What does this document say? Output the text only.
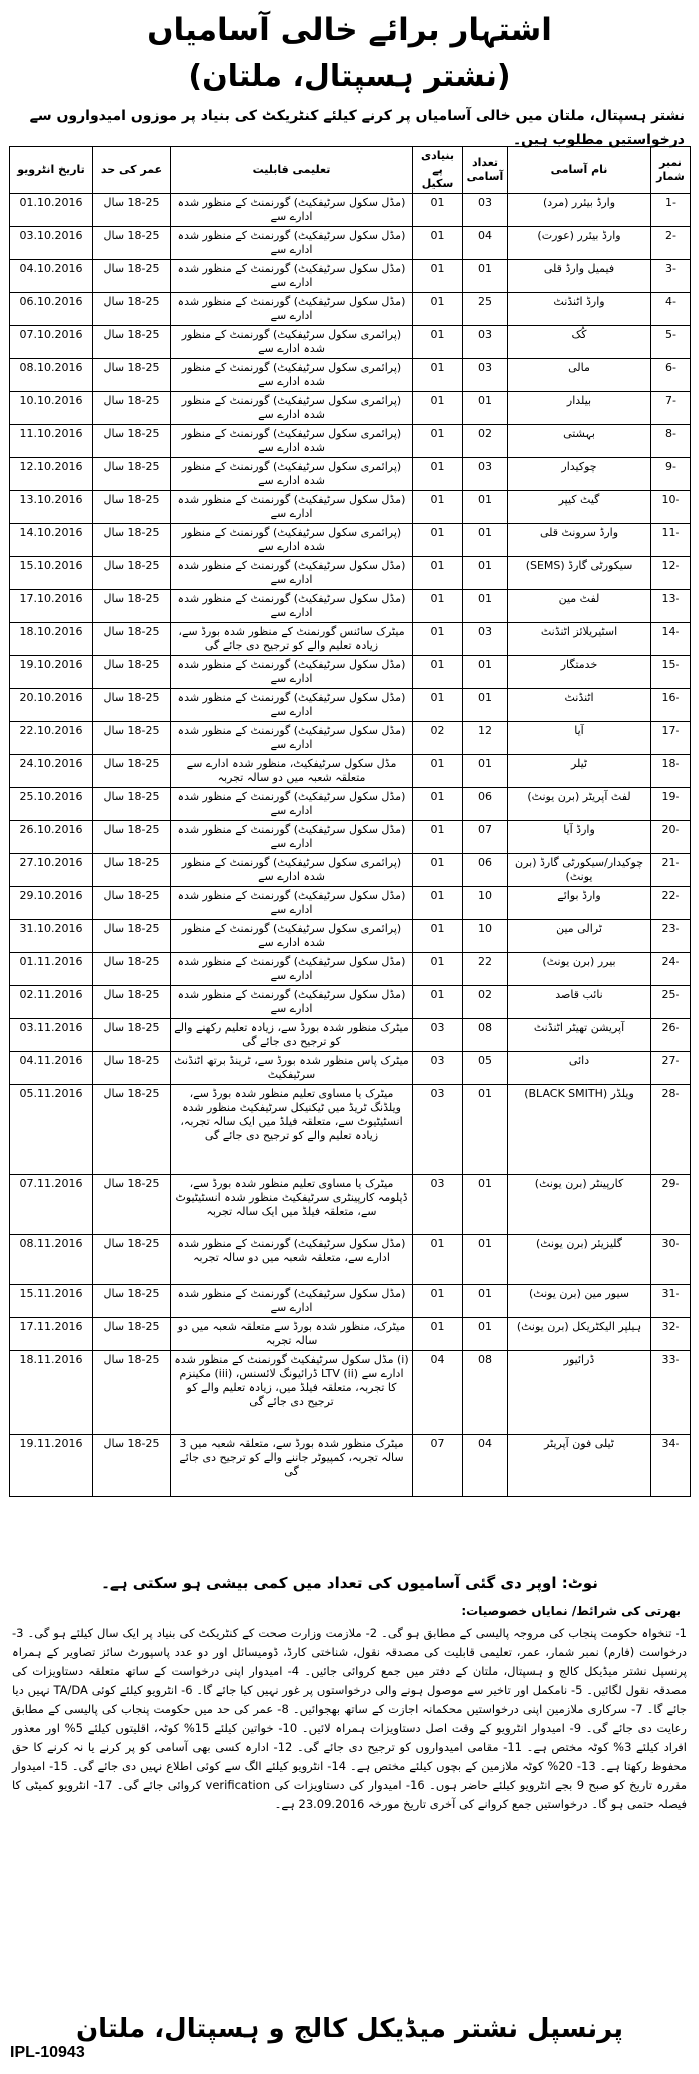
اشتہار برائے خالی آسامیاں
(نشتر ہسپتال، ملتان)
نشتر ہسپتال، ملتان میں خالی آسامیاں پر کرنے کیلئے کنٹریکٹ کی بنیاد پر موزوں امیدواروں سے درخواستیں مطلوب ہیں۔
نمبر شمار	نام آسامی	تعداد آسامی	بنیادی پے سکیل	تعلیمی قابلیت	عمر کی حد	تاریخ انٹرویو
-1	وارڈ بیئرر (مرد)	03	01	(مڈل سکول سرٹیفکیٹ) گورنمنٹ کے منظور شدہ ادارے سے	18-25 سال	01.10.2016
-2	وارڈ بیئرر (عورت)	04	01	(مڈل سکول سرٹیفکیٹ) گورنمنٹ کے منظور شدہ ادارے سے	18-25 سال	03.10.2016
-3	فیمیل وارڈ قلی	01	01	(مڈل سکول سرٹیفکیٹ) گورنمنٹ کے منظور شدہ ادارے سے	18-25 سال	04.10.2016
-4	وارڈ اٹنڈنٹ	25	01	(مڈل سکول سرٹیفکیٹ) گورنمنٹ کے منظور شدہ ادارے سے	18-25 سال	06.10.2016
-5	کُک	03	01	(پرائمری سکول سرٹیفکیٹ) گورنمنٹ کے منظور شدہ ادارے سے	18-25 سال	07.10.2016
-6	مالی	03	01	(پرائمری سکول سرٹیفکیٹ) گورنمنٹ کے منظور شدہ ادارے سے	18-25 سال	08.10.2016
-7	بیلدار	01	01	(پرائمری سکول سرٹیفکیٹ) گورنمنٹ کے منظور شدہ ادارے سے	18-25 سال	10.10.2016
-8	بہشتی	02	01	(پرائمری سکول سرٹیفکیٹ) گورنمنٹ کے منظور شدہ ادارے سے	18-25 سال	11.10.2016
-9	چوکیدار	03	01	(پرائمری سکول سرٹیفکیٹ) گورنمنٹ کے منظور شدہ ادارے سے	18-25 سال	12.10.2016
-10	گیٹ کیپر	01	01	(مڈل سکول سرٹیفکیٹ) گورنمنٹ کے منظور شدہ ادارے سے	18-25 سال	13.10.2016
-11	وارڈ سرونٹ قلی	01	01	(پرائمری سکول سرٹیفکیٹ) گورنمنٹ کے منظور شدہ ادارے سے	18-25 سال	14.10.2016
-12	سیکورٹی گارڈ (SEMS)	01	01	(مڈل سکول سرٹیفکیٹ) گورنمنٹ کے منظور شدہ ادارے سے	18-25 سال	15.10.2016
-13	لفٹ مین	01	01	(مڈل سکول سرٹیفکیٹ) گورنمنٹ کے منظور شدہ ادارے سے	18-25 سال	17.10.2016
-14	اسٹیریلائز اٹنڈنٹ	03	01	میٹرک سائنس گورنمنٹ کے منظور شدہ بورڈ سے، زیادہ تعلیم والے کو ترجیح دی جائے گی	18-25 سال	18.10.2016
-15	خدمتگار	01	01	(مڈل سکول سرٹیفکیٹ) گورنمنٹ کے منظور شدہ ادارے سے	18-25 سال	19.10.2016
-16	اٹنڈنٹ	01	01	(مڈل سکول سرٹیفکیٹ) گورنمنٹ کے منظور شدہ ادارے سے	18-25 سال	20.10.2016
-17	آیا	12	02	(مڈل سکول سرٹیفکیٹ) گورنمنٹ کے منظور شدہ ادارے سے	18-25 سال	22.10.2016
-18	ٹیلر	01	01	مڈل سکول سرٹیفکیٹ، منظور شدہ ادارے سے متعلقہ شعبہ میں دو سالہ تجربہ	18-25 سال	24.10.2016
-19	لفٹ آپریٹر (برن یونٹ)	06	01	(مڈل سکول سرٹیفکیٹ) گورنمنٹ کے منظور شدہ ادارے سے	18-25 سال	25.10.2016
-20	وارڈ آیا	07	01	(مڈل سکول سرٹیفکیٹ) گورنمنٹ کے منظور شدہ ادارے سے	18-25 سال	26.10.2016
-21	چوکیدار/سیکورٹی گارڈ (برن یونٹ)	06	01	(پرائمری سکول سرٹیفکیٹ) گورنمنٹ کے منظور شدہ ادارے سے	18-25 سال	27.10.2016
-22	وارڈ بوائے	10	01	(مڈل سکول سرٹیفکیٹ) گورنمنٹ کے منظور شدہ ادارے سے	18-25 سال	29.10.2016
-23	ٹرالی مین	10	01	(پرائمری سکول سرٹیفکیٹ) گورنمنٹ کے منظور شدہ ادارے سے	18-25 سال	31.10.2016
-24	بیرر (برن یونٹ)	22	01	(مڈل سکول سرٹیفکیٹ) گورنمنٹ کے منظور شدہ ادارے سے	18-25 سال	01.11.2016
-25	نائب قاصد	02	01	(مڈل سکول سرٹیفکیٹ) گورنمنٹ کے منظور شدہ ادارے سے	18-25 سال	02.11.2016
-26	آپریشن تھیٹر اٹنڈنٹ	08	03	میٹرک منظور شدہ بورڈ سے، زیادہ تعلیم رکھنے والے کو ترجیح دی جائے گی	18-25 سال	03.11.2016
-27	دائی	05	03	میٹرک پاس منظور شدہ بورڈ سے، ٹرینڈ برتھ اٹنڈنٹ سرٹیفکیٹ	18-25 سال	04.11.2016
-28	ویلڈر (BLACK SMITH)	01	03	میٹرک یا مساوی تعلیم منظور شدہ بورڈ سے، ویلڈنگ ٹریڈ میں ٹیکنیکل سرٹیفکیٹ منظور شدہ انسٹیٹیوٹ سے، متعلقہ فیلڈ میں ایک سالہ تجربہ، زیادہ تعلیم والے کو ترجیح دی جائے گی	18-25 سال	05.11.2016
-29	کارپینٹر (برن یونٹ)	01	03	میٹرک یا مساوی تعلیم منظور شدہ بورڈ سے، ڈپلومہ کارپینٹری سرٹیفکیٹ منظور شدہ انسٹیٹیوٹ سے، متعلقہ فیلڈ میں ایک سالہ تجربہ	18-25 سال	07.11.2016
-30	گلیزیئر (برن یونٹ)	01	01	(مڈل سکول سرٹیفکیٹ) گورنمنٹ کے منظور شدہ ادارے سے، متعلقہ شعبہ میں دو سالہ تجربہ	18-25 سال	08.11.2016
-31	سیور مین (برن یونٹ)	01	01	(مڈل سکول سرٹیفکیٹ) گورنمنٹ کے منظور شدہ ادارے سے	18-25 سال	15.11.2016
-32	ہیلپر الیکٹریکل (برن یونٹ)	01	01	میٹرک، منظور شدہ بورڈ سے متعلقہ شعبہ میں دو سالہ تجربہ	18-25 سال	17.11.2016
-33	ڈرائیور	08	04	(i) مڈل سکول سرٹیفکیٹ گورنمنٹ کے منظور شدہ ادارے سے (ii) LTV ڈرائیونگ لائسنس، (iii) مکینزم کا تجربہ، متعلقہ فیلڈ میں، زیادہ تعلیم والے کو ترجیح دی جائے گی	18-25 سال	18.11.2016
-34	ٹیلی فون آپریٹر	04	07	میٹرک منظور شدہ بورڈ سے، متعلقہ شعبہ میں 3 سالہ تجربہ، کمپیوٹر جاننے والے کو ترجیح دی جائے گی	18-25 سال	19.11.2016
نوٹ: اوپر دی گئی آسامیوں کی تعداد میں کمی بیشی ہو سکتی ہے۔
بھرتی کی شرائط/ نمایاں خصوصیات:
1- تنخواہ حکومت پنجاب کی مروجہ پالیسی کے مطابق ہو گی۔ 2- ملازمت وزارت صحت کے کنٹریکٹ کی بنیاد پر ایک سال کیلئے ہو گی۔ 3- درخواست (فارم) نمبر شمار، عمر، تعلیمی قابلیت کی مصدقہ نقول، شناختی کارڈ، ڈومیسائل اور دو عدد پاسپورٹ سائز تصاویر کے ہمراہ پرنسپل نشتر میڈیکل کالج و ہسپتال، ملتان کے دفتر میں جمع کروائی جائیں۔ 4- امیدوار اپنی درخواست کے ساتھ متعلقہ دستاویزات کی مصدقہ نقول لگائیں۔ 5- نامکمل اور تاخیر سے موصول ہونے والی درخواستوں پر غور نہیں کیا جائے گا۔ 6- انٹرویو کیلئے کوئی TA/DA نہیں دیا جائے گا۔ 7- سرکاری ملازمین اپنی درخواستیں محکمانہ اجازت کے ساتھ بھجوائیں۔ 8- عمر کی حد میں حکومت پنجاب کی پالیسی کے مطابق رعایت دی جائے گی۔ 9- امیدوار انٹرویو کے وقت اصل دستاویزات ہمراہ لائیں۔ 10- خواتین کیلئے 15% کوٹہ، اقلیتوں کیلئے 5% اور معذور افراد کیلئے 3% کوٹہ مختص ہے۔ 11- مقامی امیدواروں کو ترجیح دی جائے گی۔ 12- ادارہ کسی بھی آسامی کو پر کرنے یا نہ کرنے کا حق محفوظ رکھتا ہے۔ 13- 20% کوٹہ ملازمین کے بچوں کیلئے مختص ہے۔ 14- انٹرویو کیلئے الگ سے کوئی اطلاع نہیں دی جائے گی۔ 15- امیدوار مقررہ تاریخ کو صبح 9 بجے انٹرویو کیلئے حاضر ہوں۔ 16- امیدوار کی دستاویزات کی verification کروائی جائے گی۔ 17- انٹرویو کمیٹی کا فیصلہ حتمی ہو گا۔ درخواستیں جمع کروانے کی آخری تاریخ مورخہ 23.09.2016 ہے۔
پرنسپل نشتر میڈیکل کالج و ہسپتال، ملتان
IPL-10943
